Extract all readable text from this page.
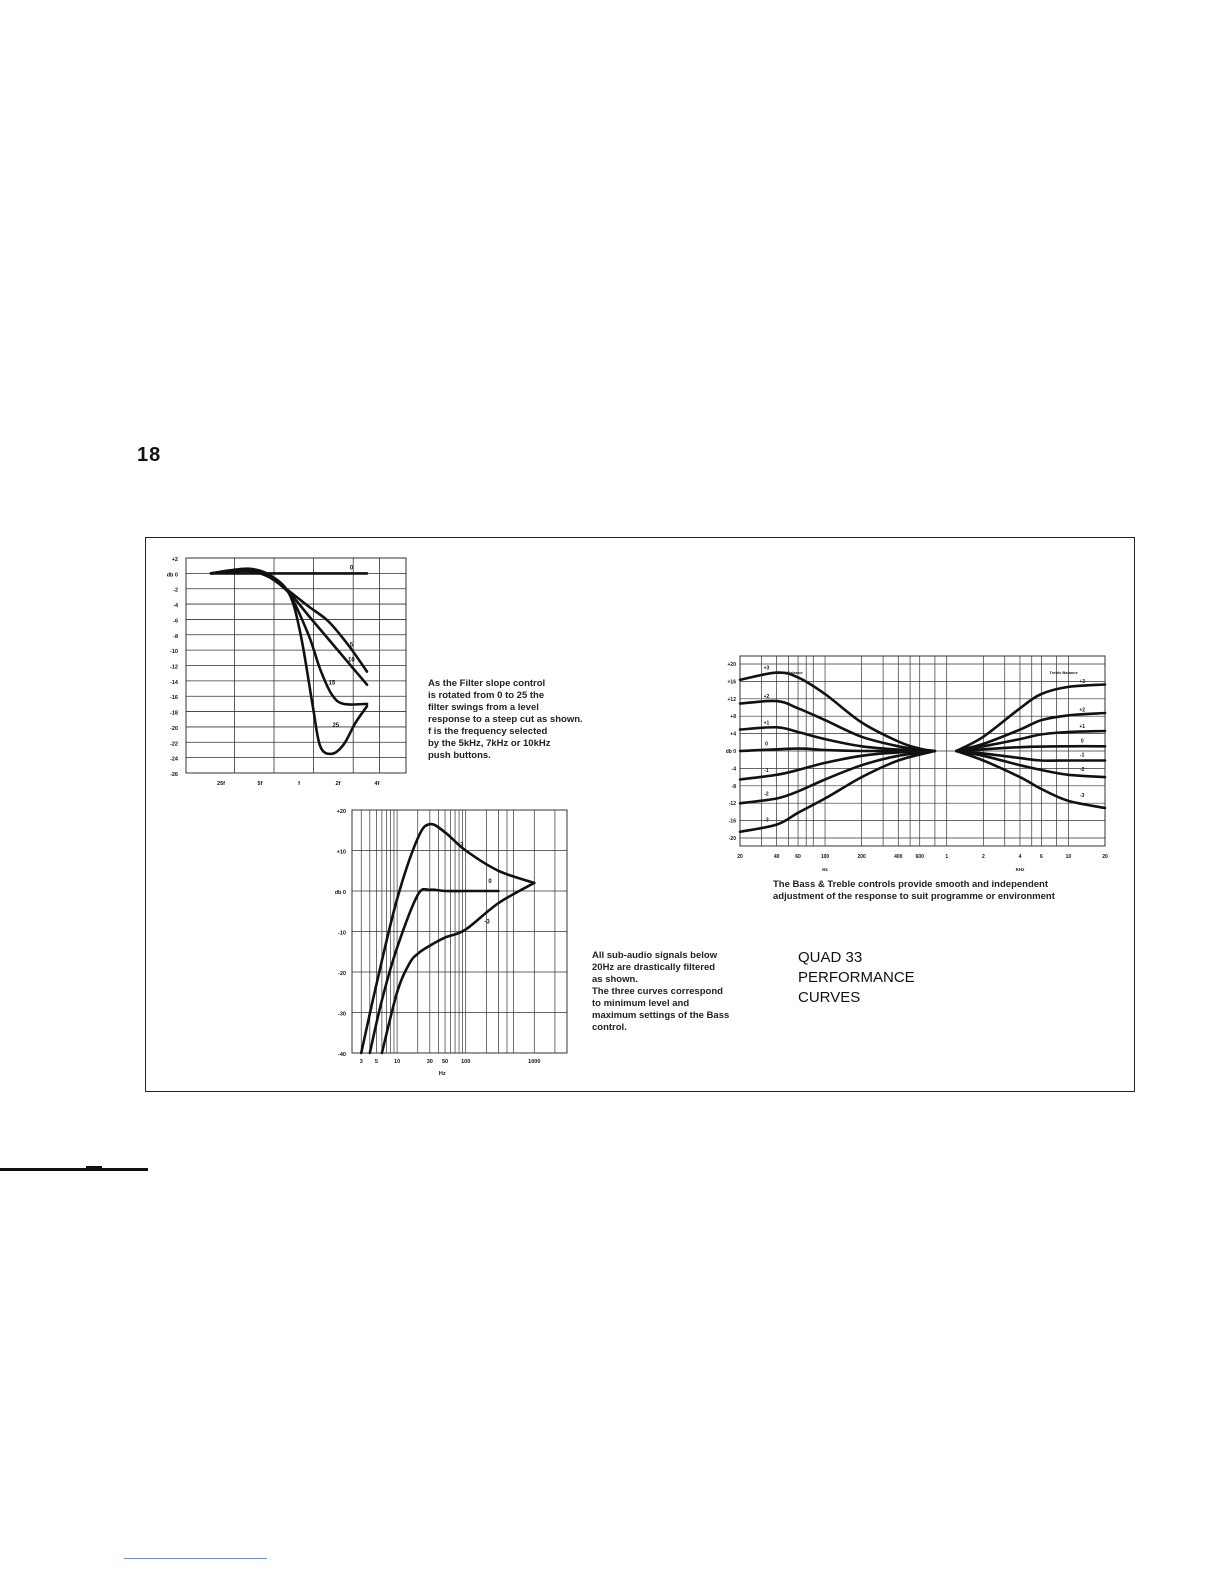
18
+2
db 0
-2
-4
-6
-8
-10
-12
-14
-16
-18
-20
-22
-24
-26
25f	5f	f	2f	4f
0
5
10
15
25
+20
+10
db 0
-10
-20
-30
-40
3 5	10	30 50 100	1000
Hz
+3
0
-3
+20
+16
+12
+8
+4
db 0
-4
-8
-12
-16
-20
20	40	60	100	200	400	600	1	2	4	6	10	20
Hz	KHz
Bass Balance	Treble Balance
+3
+3
+2
+2
+1
+1
0
0
-1
-1
-2
-2
-3
-3
As the Filter slope control
is rotated from 0 to 25 the
filter swings from a level
response to a steep cut as shown.
f is the frequency selected
by the 5kHz, 7kHz or 10kHz
push buttons.
All sub-audio signals below
20Hz are drastically filtered
as shown.
The three curves correspond
to minimum level and
maximum settings of the Bass
control.
The Bass & Treble controls provide smooth and independent
adjustment of the response to suit programme or environment
QUAD 33
PERFORMANCE
CURVES
